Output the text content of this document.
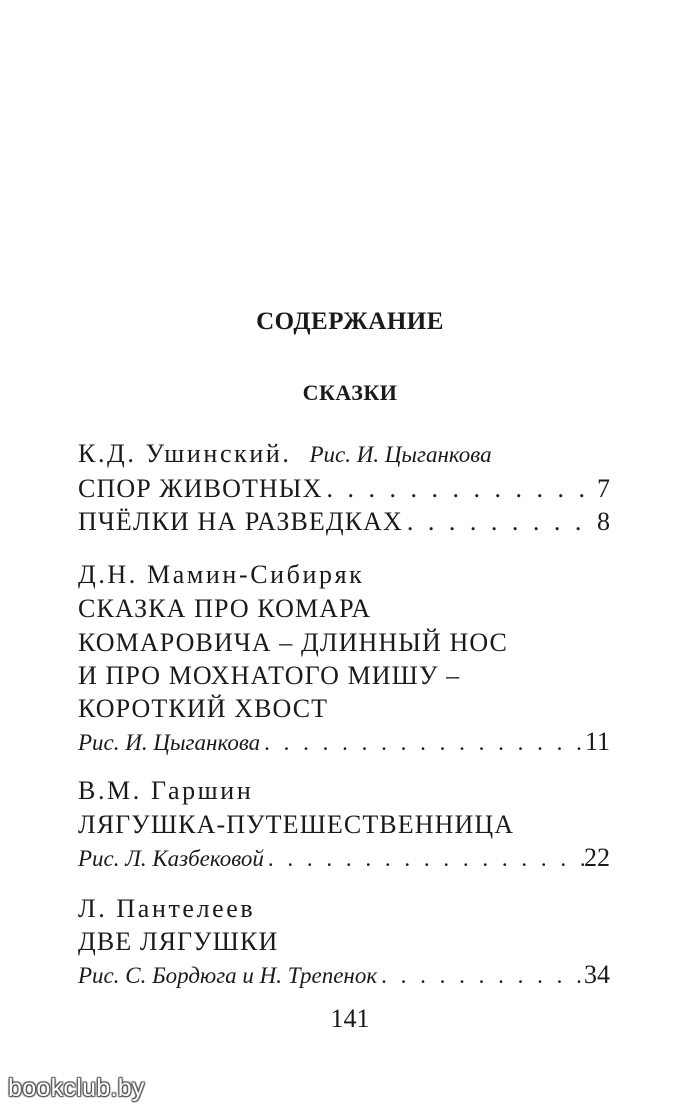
СОДЕРЖАНИЕ
СКАЗКИ
К.Д. Ушинский. Рис. И. Цыганкова
СПОР ЖИВОТНЫХ . . .	7
ПЧЁЛКИ НА РАЗВЕДКАХ . . .	8
Д.Н. Мамин-Сибиряк
СКАЗКА ПРО КОМАРА
КОМАРОВИЧА – ДЛИННЫЙ НОС
И ПРО МОХНАТОГО МИШУ –
КОРОТКИЙ ХВОСТ
Рис. И. Цыганкова . . .	11
В.М. Гаршин
ЛЯГУШКА-ПУТЕШЕСТВЕННИЦА
Рис. Л. Казбековой . . .	22
Л. Пантелеев
ДВЕ ЛЯГУШКИ
Рис. С. Бордюга и Н. Трепенок . . .	34
141
bookclub.by
